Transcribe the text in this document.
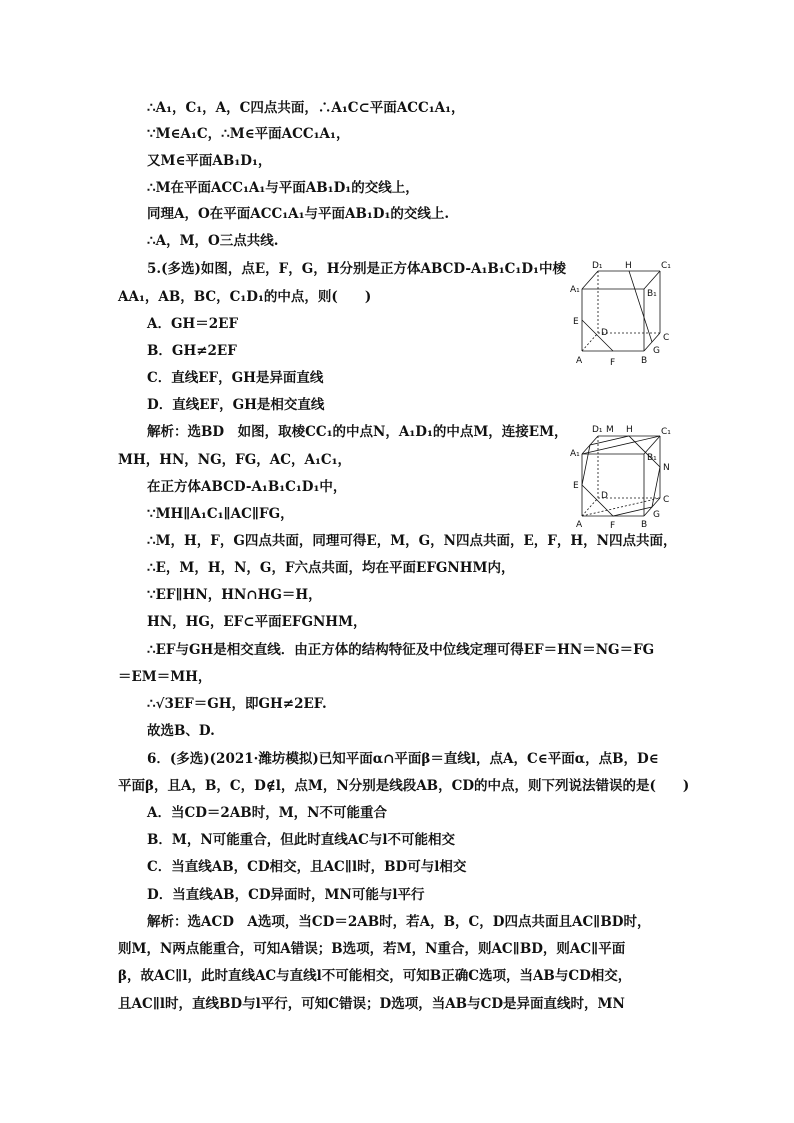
∴A₁，C₁，A，C四点共面，∴A₁C⊂平面ACC₁A₁，
∵M∈A₁C，∴M∈平面ACC₁A₁，
又M∈平面AB₁D₁，
∴M在平面ACC₁A₁与平面AB₁D₁的交线上，
同理A，O在平面ACC₁A₁与平面AB₁D₁的交线上.
∴A，M，O三点共线.
5.(多选)如图，点E，F，G，H分别是正方体ABCD-A₁B₁C₁D₁中棱
AA₁，AB，BC，C₁D₁的中点，则(　　)
A．GH＝2EF
B．GH≠2EF
C．直线EF，GH是异面直线
D．直线EF，GH是相交直线
解析：选BD　如图，取棱CC₁的中点N，A₁D₁的中点M，连接EM，
MH，HN，NG，FG，AC，A₁C₁，
在正方体ABCD-A₁B₁C₁D₁中，
∵MH∥A₁C₁∥AC∥FG，
∴M，H，F，G四点共面，同理可得E，M，G，N四点共面，E，F，H，N四点共面，
∴E，M，H，N，G，F六点共面，均在平面EFGNHM内，
∵EF∥HN，HN∩HG＝H，
HN，HG，EF⊂平面EFGNHM，
∴EF与GH是相交直线．由正方体的结构特征及中位线定理可得EF＝HN＝NG＝FG
＝EM＝MH，
∴√3EF＝GH，即GH≠2EF.
故选B、D.
6．(多选)(2021·潍坊模拟)已知平面α∩平面β＝直线l，点A，C∈平面α，点B，D∈
平面β，且A，B，C，D∉l，点M，N分别是线段AB，CD的中点，则下列说法错误的是(　　)
A．当CD＝2AB时，M，N不可能重合
B．M，N可能重合，但此时直线AC与l不可能相交
C．当直线AB，CD相交，且AC∥l时，BD可与l相交
D．当直线AB，CD异面时，MN可能与l平行
解析：选ACD　A选项，当CD＝2AB时，若A，B，C，D四点共面且AC∥BD时，
则M，N两点能重合，可知A错误；B选项，若M，N重合，则AC∥BD，则AC∥平面
β，故AC∥l，此时直线AC与直线l不可能相交，可知B正确C选项，当AB与CD相交，
且AC∥l时，直线BD与l平行，可知C错误；D选项，当AB与CD是异面直线时，MN
D₁ H	C₁
A₁	B₁
E
D	C
G
A	F	B
D₁ M H	C₁
A₁	B₁
N
E
D	C
G
A	F	B
